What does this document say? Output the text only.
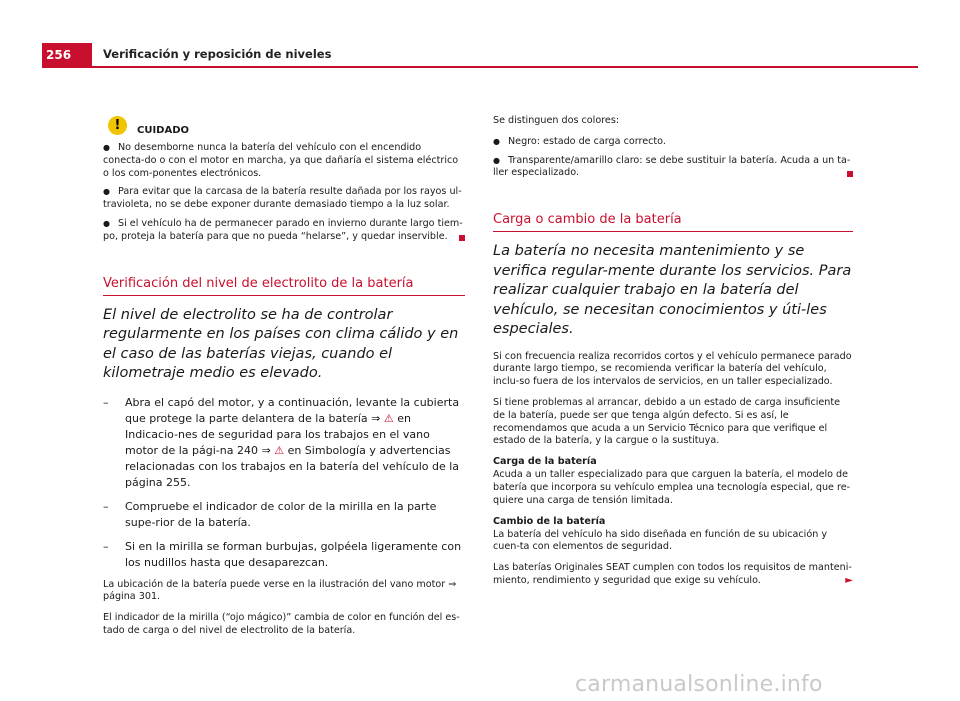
256	Verificación y reposición de niveles
!	CUIDADO
● No desemborne nunca la batería del vehículo con el encendido conecta-do o con el motor en marcha, ya que dañaría el sistema eléctrico o los com-ponentes electrónicos.
● Para evitar que la carcasa de la batería resulte dañada por los rayos ul-travioleta, no se debe exponer durante demasiado tiempo a la luz solar.
● Si el vehículo ha de permanecer parado en invierno durante largo tiem-po, proteja la batería para que no pueda “helarse”, y quedar inservible.
Verificación del nivel de electrolito de la batería

El nivel de electrolito se ha de controlar regularmente en los países con clima cálido y en el caso de las baterías viejas, cuando el kilometraje medio es elevado.

– Abra el capó del motor, y a continuación, levante la cubierta que protege la parte delantera de la batería ⇒ ⚠ en Indicacio-nes de seguridad para los trabajos en el vano motor de la pági-na 240 ⇒ ⚠ en Simbología y advertencias relacionadas con los trabajos en la batería del vehículo de la página 255.

– Compruebe el indicador de color de la mirilla en la parte supe-rior de la batería.

– Si en la mirilla se forman burbujas, golpéela ligeramente con los nudillos hasta que desaparezcan.

La ubicación de la batería puede verse en la ilustración del vano motor ⇒ página 301.

El indicador de la mirilla (“ojo mágico)” cambia de color en función del es-tado de carga o del nivel de electrolito de la batería.

Se distinguen dos colores:

● Negro: estado de carga correcto.
● Transparente/amarillo claro: se debe sustituir la batería. Acuda a un ta-ller especializado.
Carga o cambio de la batería

La batería no necesita mantenimiento y se verifica regular-mente durante los servicios. Para realizar cualquier trabajo en la batería del vehículo, se necesitan conocimientos y úti-les especiales.

Si con frecuencia realiza recorridos cortos y el vehículo permanece parado durante largo tiempo, se recomienda verificar la batería del vehículo, inclu-so fuera de los intervalos de servicios, en un taller especializado.

Si tiene problemas al arrancar, debido a un estado de carga insuficiente de la batería, puede ser que tenga algún defecto. Si es así, le recomendamos que acuda a un Servicio Técnico para que verifique el estado de la batería, y la cargue o la sustituya.

Carga de la batería

Acuda a un taller especializado para que carguen la batería, el modelo de batería que incorpora su vehículo emplea una tecnología especial, que re-quiere una carga de tensión limitada.

Cambio de la batería

La batería del vehículo ha sido diseñada en función de su ubicación y cuen-ta con elementos de seguridad.

Las baterías Originales SEAT cumplen con todos los requisitos de manteni-miento, rendimiento y seguridad que exige su vehículo.	►

carmanualsonline.info
